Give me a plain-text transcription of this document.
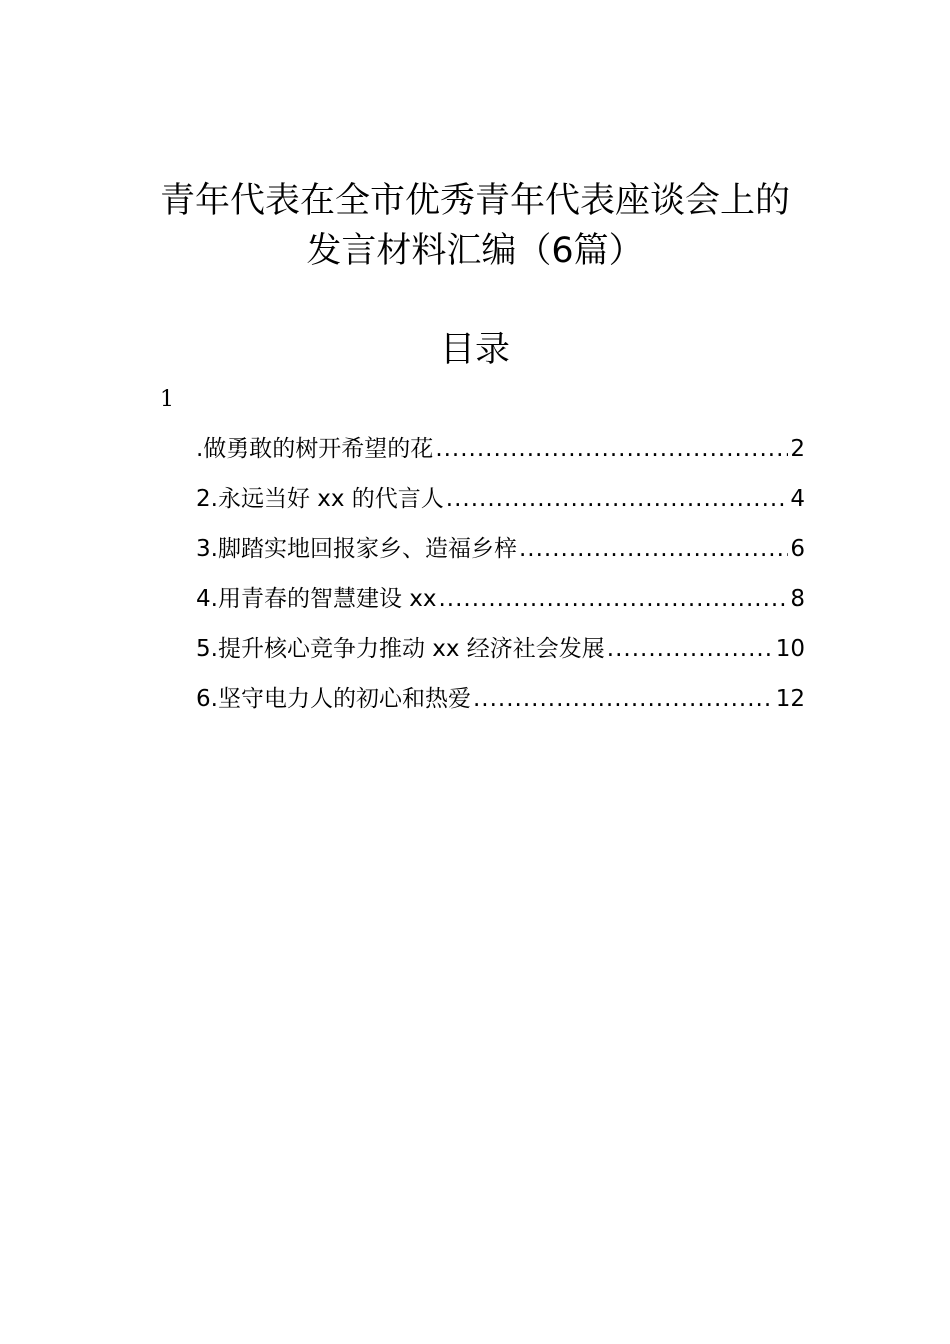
青年代表在全市优秀青年代表座谈会上的
发言材料汇编（6篇）
目录
1
.做勇敢的树开希望的花 .....	2
2.永远当好 xx 的代言人 .....	4
3.脚踏实地回报家乡、造福乡梓 .....	6
4.用青春的智慧建设 xx .....	8
5.提升核心竞争力推动 xx 经济社会发展 .....	10
6.坚守电力人的初心和热爱 .....	12
